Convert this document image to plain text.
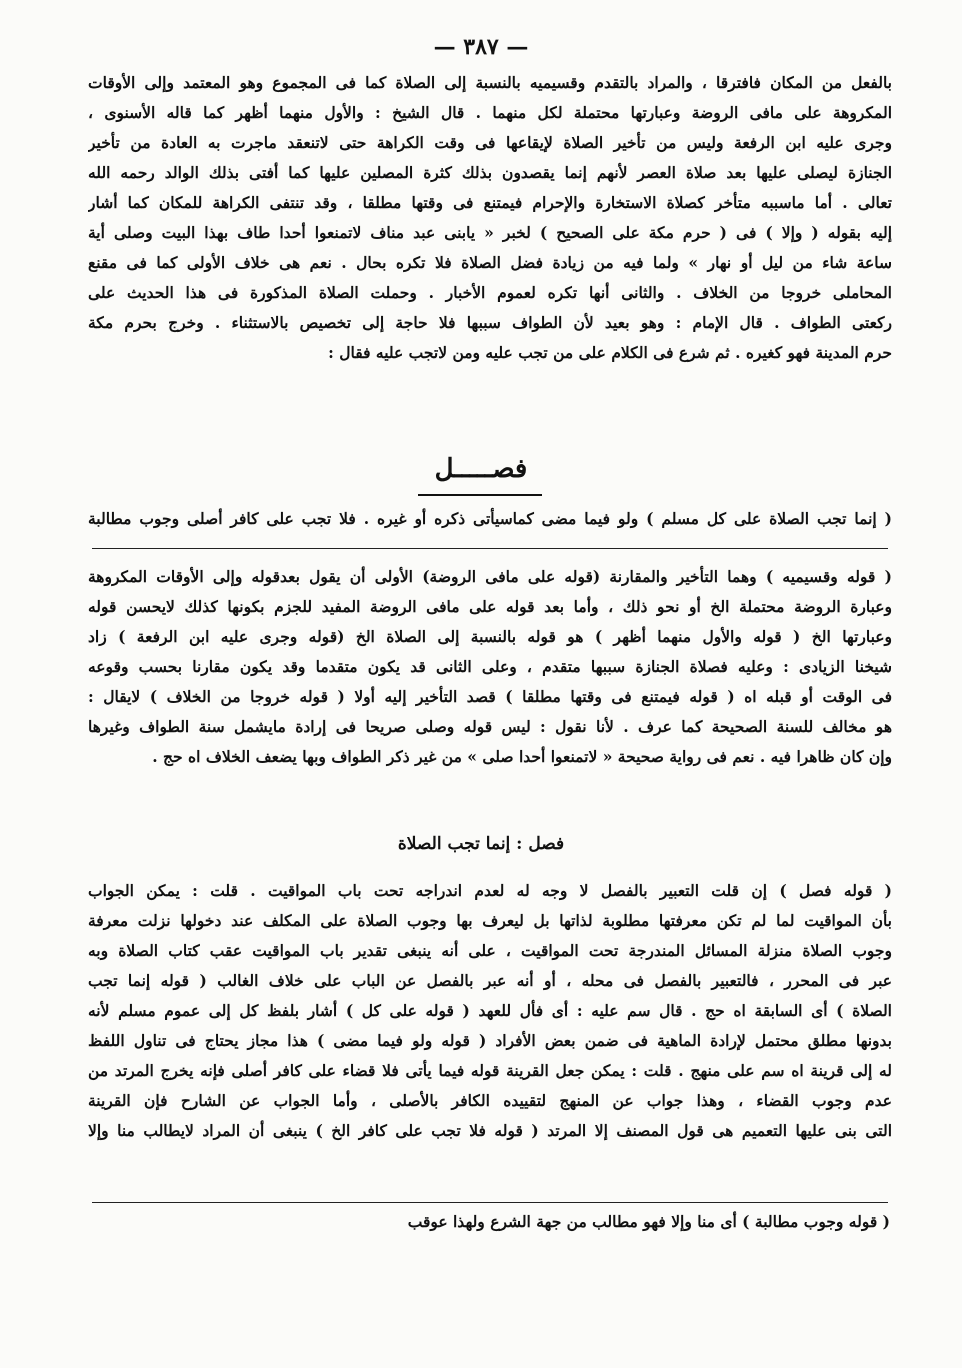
— ٣٨٧ —
بالفعل من المكان فافترقا ، والمراد بالتقدم وقسيميه بالنسبة إلى الصلاة كما فى المجموع وهو المعتمد وإلى الأوقات
المكروهة على مافى الروضة وعبارتها محتملة لكل منهما . قال الشيخ : والأول منهما أظهر كما قاله الأسنوى ،
وجرى عليه ابن الرفعة وليس من تأخير الصلاة لإيقاعها فى وقت الكراهة حتى لاتنعقد ماجرت به العادة من تأخير
الجنازة ليصلى عليها بعد صلاة العصر لأنهم إنما يقصدون بذلك كثرة المصلين عليها كما أفتى بذلك الوالد رحمه الله
تعالى . أما ماسببه متأخر كصلاة الاستخارة والإحرام فيمتنع فى وقتها مطلقا ، وقد تنتفى الكراهة للمكان كما أشار
إليه بقوله ( وإلا ) فى ( حرم مكة على الصحيح ) لخبر « يابنى عبد مناف لاتمنعوا أحدا طاف بهذا البيت وصلى أية
ساعة شاء من ليل أو نهار » ولما فيه من زيادة فضل الصلاة فلا تكره بحال . نعم هى خلاف الأولى كما فى مقنع
المحاملى خروجا من الخلاف . والثانى أنها تكره لعموم الأخبار . وحملت الصلاة المذكورة فى هذا الحديث على
ركعتى الطواف . قال الإمام : وهو بعيد لأن الطواف سببها فلا حاجة إلى تخصيص بالاستثناء . وخرج بحرم مكة
حرم المدينة فهو كغيره . ثم شرع فى الكلام على من تجب عليه ومن لاتجب عليه فقال :
فصـــــل
( إنما تجب الصلاة على كل مسلم ) ولو فيما مضى كماسيأتى ذكره أو غيره . فلا تجب على كافر أصلى وجوب مطالبة
( قوله وقسيميه ) وهما التأخير والمقارنة (قوله على مافى الروضة) الأولى أن يقول بعدقوله وإلى الأوقات المكروهة
وعبارة الروضة محتملة الخ أو نحو ذلك ، وأما بعد قوله على مافى الروضة المفيد للجزم بكونها كذلك لايحسن قوله
وعبارتها الخ ( قوله والأول منهما أظهر ) هو قوله بالنسبة إلى الصلاة الخ (قوله وجرى عليه ابن الرفعة ) زاد
شيخنا الزيادى : وعليه فصلاة الجنازة سببها متقدم ، وعلى الثانى قد يكون متقدما وقد يكون مقارنا بحسب وقوعه
فى الوقت أو قبله اه ( قوله فيمتنع فى وقتها مطلقا ) قصد التأخير إليه أولا ( قوله خروجا من الخلاف ) لايقال :
هو مخالف للسنة الصحيحة كما عرف . لأنا نقول : ليس قوله وصلى صريحا فى إرادة مايشمل سنة الطواف وغيرها
وإن كان ظاهرا فيه . نعم فى رواية صحيحة « لاتمنعوا أحدا صلى » من غير ذكر الطواف وبها يضعف الخلاف اه حج .
فصل : إنما تجب الصلاة
( قوله فصل ) إن قلت التعبير بالفصل لا وجه له لعدم اندراجه تحت باب المواقيت . قلت : يمكن الجواب
بأن المواقيت لما لم تكن معرفتها مطلوبة لذاتها بل ليعرف بها وجوب الصلاة على المكلف عند دخولها نزلت معرفة
وجوب الصلاة منزلة المسائل المندرجة تحت المواقيت ، على أنه ينبغى تقدير باب المواقيت عقب كتاب الصلاة وبه
عبر فى المحرر ، فالتعبير بالفصل فى محله ، أو أنه عبر بالفصل عن الباب على خلاف الغالب ( قوله إنما تجب
الصلاة ) أى السابقة اه حج . قال سم عليه : أى فأل للعهد ( قوله على كل ) أشار بلفظ كل إلى عموم مسلم لأنه
بدونها مطلق محتمل لإرادة الماهية فى ضمن بعض الأفراد ( قوله ولو فيما مضى ) هذا مجاز يحتاج فى تناول اللفظ
له إلى قرينة اه سم على منهج . قلت : يمكن جعل القرينة قوله فيما يأتى فلا قضاء على كافر أصلى فإنه يخرج المرتد من
عدم وجوب القضاء ، وهذا جواب عن المنهج لتقييده الكافر بالأصلى ، وأما الجواب عن الشارح فإن القرينة
التى بنى عليها التعميم هى قول المصنف إلا المرتد ( قوله فلا تجب على كافر الخ ) ينبغى أن المراد لايطالب منا وإلا
( قوله وجوب مطالبة ) أى منا وإلا فهو مطالب من جهة الشرع ولهذا عوقب
